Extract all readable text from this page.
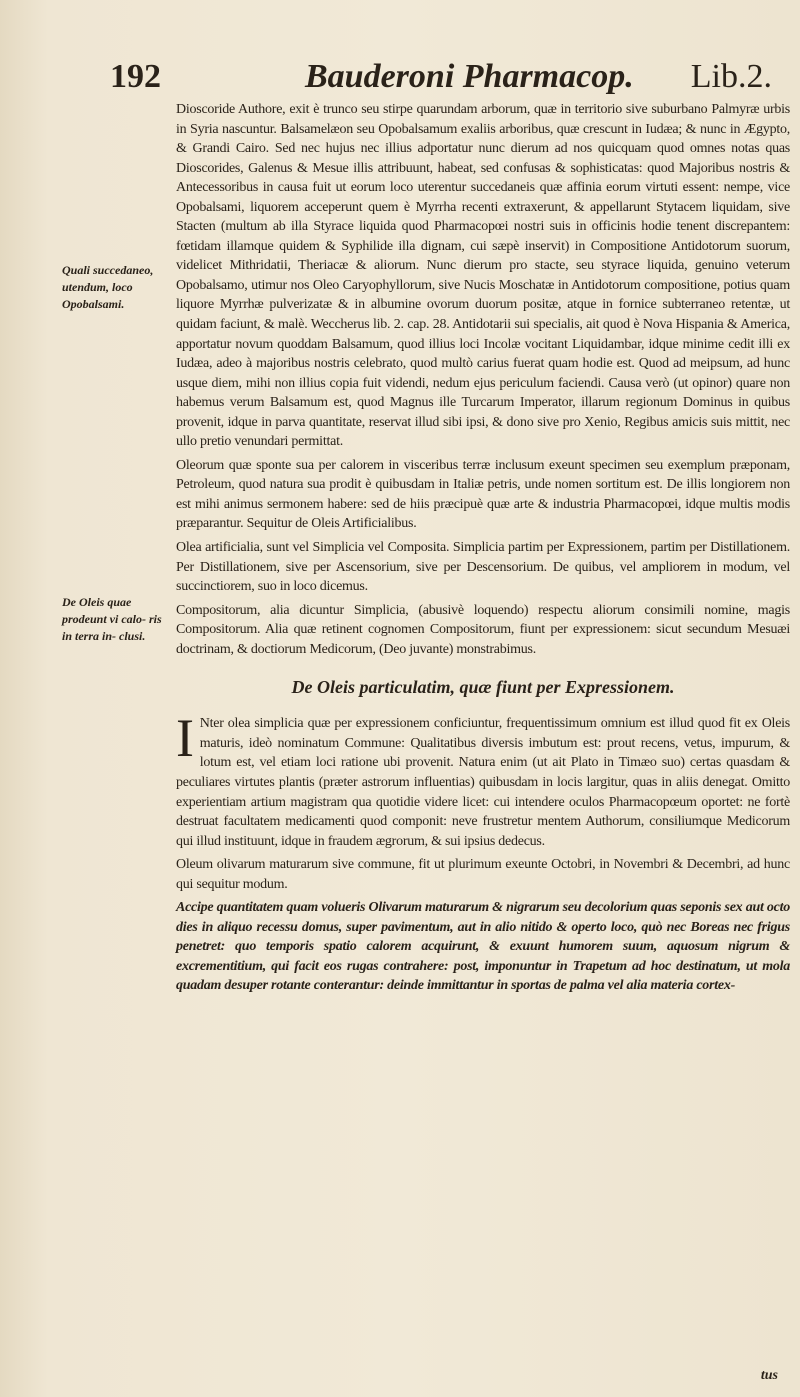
192	Bauderoni Pharmacop. Lib.2.
Quali succedaneo, utendum, loco Opobalsami.
De Oleis quae prodeunt vi calo- ris in terra in- clusi.

Dioscoride Authore, exit è trunco seu stirpe quarundam arborum, quæ in territorio sive suburbano Palmyræ urbis in Syria nascuntur. Balsamelæon seu Opobalsamum exaliis arboribus, quæ crescunt in Iudæa; & nunc in Ægypto, & Grandi Cairo. Sed nec hujus nec illius adportatur nunc dierum ad nos quicquam quod omnes notas quas Dioscorides, Galenus & Mesue illis attribuunt, habeat, sed confusas & sophisticatas: quod Majoribus nostris & Antecessoribus in causa fuit ut eorum loco uterentur succedaneis quæ affinia eorum virtuti essent: nempe, vice Opobalsami, liquorem acceperunt quem è Myrrha recenti extraxerunt, & appellarunt Stytacem liquidam, sive Stacten (multum ab illa Styrace liquida quod Pharmacopœi nostri suis in officinis hodie tenent discrepantem: fœtidam illamque quidem & Syphilide illa dignam, cui sæpè inservit) in Compositione Antidotorum suorum, videlicet Mithridatii, Theriacæ & aliorum. Nunc dierum pro stacte, seu styrace liquida, genuino veterum Opobalsamo, utimur nos Oleo Caryophyllorum, sive Nucis Moschatæ in Antidotorum compositione, potius quam liquore Myrrhæ pulverizatæ & in albumine ovorum duorum positæ, atque in fornice subterraneo retentæ, ut quidam faciunt, & malè. Weccherus lib. 2. cap. 28. Antidotarii sui specialis, ait quod è Nova Hispania & America, apportatur novum quoddam Balsamum, quod illius loci Incolæ vocitant Liquidambar, idque minime cedit illi ex Iudæa, adeo à majoribus nostris celebrato, quod multò carius fuerat quam hodie est. Quod ad meipsum, ad hunc usque diem, mihi non illius copia fuit videndi, nedum ejus periculum faciendi. Causa verò (ut opinor) quare non habemus verum Balsamum est, quod Magnus ille Turcarum Imperator, illarum regionum Dominus in quibus provenit, idque in parva quantitate, reservat illud sibi ipsi, & dono sive pro Xenio, Regibus amicis suis mittit, nec ullo pretio venundari permittat.

Oleorum quæ sponte sua per calorem in visceribus terræ inclusum exeunt specimen seu exemplum præponam, Petroleum, quod natura sua prodit è quibusdam in Italiæ petris, unde nomen sortitum est. De illis longiorem non est mihi animus sermonem habere: sed de hiis præcipuè quæ arte & industria Pharmacopœi, idque multis modis præparantur. Sequitur de Oleis Artificialibus.

Olea artificialia, sunt vel Simplicia vel Composita. Simplicia partim per Expressionem, partim per Distillationem. Per Distillationem, sive per Ascensorium, sive per Descensorium. De quibus, vel ampliorem in modum, vel succinctiorem, suo in loco dicemus.

Compositorum, alia dicuntur Simplicia, (abusivè loquendo) respectu aliorum consimili nomine, magis Compositorum. Alia quæ retinent cognomen Compositorum, fiunt per expressionem: sicut secundum Mesuæi doctrinam, & doctiorum Medicorum, (Deo juvante) monstrabimus.

De Oleis particulatim, quæ fiunt per Expressionem.

I Nter olea simplicia quæ per expressionem conficiuntur, frequentissimum omnium est illud quod fit ex Oleis maturis, ideò nominatum Commune: Qualitatibus diversis imbutum est: prout recens, vetus, impurum, & lotum est, vel etiam loci ratione ubi provenit. Natura enim (ut ait Plato in Timæo suo) certas quasdam & peculiares virtutes plantis (præter astrorum influentias) quibusdam in locis largitur, quas in aliis denegat. Omitto experientiam artium magistram qua quotidie videre licet: cui intendere oculos Pharmacopœum oportet: ne fortè destruat facultatem medicamenti quod componit: neve frustretur mentem Authorum, consiliumque Medicorum qui illud instituunt, idque in fraudem ægrorum, & sui ipsius dedecus.

Oleum olivarum maturarum sive commune, fit ut plurimum exeunte Octobri, in Novembri & Decembri, ad hunc qui sequitur modum.

Accipe quantitatem quam volueris Olivarum maturarum & nigrarum seu decolorium quas seponis sex aut octo dies in aliquo recessu domus, super pavimentum, aut in alio nitido & operto loco, quò nec Boreas nec frigus penetret: quo temporis spatio calorem acquirunt, & exuunt humorem suum, aquosum nigrum & excrementitium, qui facit eos rugas contrahere: post, imponuntur in Trapetum ad hoc destinatum, ut mola quadam desuper rotante conterantur: deinde immittantur in sportas de palma vel alia materia cortex-

tus
